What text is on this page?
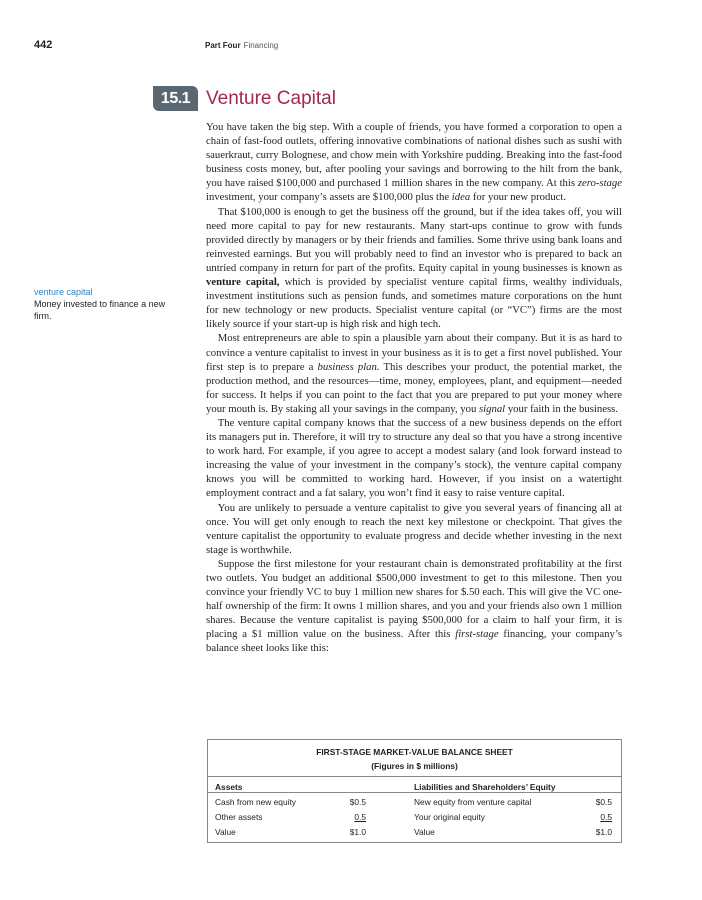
442	Part Four Financing
15.1 Venture Capital
venture capital
Money invested to finance a new firm.

You have taken the big step. With a couple of friends, you have formed a corporation to open a chain of fast-food outlets, offering innovative combinations of national dishes such as sushi with sauerkraut, curry Bolognese, and chow mein with Yorkshire pudding. Breaking into the fast-food business costs money, but, after pooling your savings and borrowing to the hilt from the bank, you have raised $100,000 and purchased 1 million shares in the new company. At this zero-stage investment, your company’s assets are $100,000 plus the idea for your new product.

That $100,000 is enough to get the business off the ground, but if the idea takes off, you will need more capital to pay for new restaurants. Many start-ups continue to grow with funds provided directly by managers or by their friends and families. Some thrive using bank loans and reinvested earnings. But you will probably need to find an investor who is prepared to back an untried company in return for part of the profits. Equity capital in young businesses is known as venture capital, which is provided by specialist venture capital firms, wealthy individuals, investment institutions such as pension funds, and sometimes mature corporations on the hunt for new technology or new products. Specialist venture capital (or “VC”) firms are the most likely source if your start-up is high risk and high tech.

Most entrepreneurs are able to spin a plausible yarn about their company. But it is as hard to convince a venture capitalist to invest in your business as it is to get a first novel published. Your first step is to prepare a business plan. This describes your product, the potential market, the production method, and the resources—time, money, employees, plant, and equipment—needed for success. It helps if you can point to the fact that you are prepared to put your money where your mouth is. By staking all your savings in the company, you signal your faith in the business.

The venture capital company knows that the success of a new business depends on the effort its managers put in. Therefore, it will try to structure any deal so that you have a strong incentive to work hard. For example, if you agree to accept a modest salary (and look forward instead to increasing the value of your investment in the company’s stock), the venture capital company knows you will be committed to working hard. However, if you insist on a watertight employment contract and a fat salary, you won’t find it easy to raise venture capital.

You are unlikely to persuade a venture capitalist to give you several years of financing all at once. You will get only enough to reach the next key milestone or checkpoint. That gives the venture capitalist the opportunity to evaluate progress and decide whether investing in the next stage is worthwhile.

Suppose the first milestone for your restaurant chain is demonstrated profitability at the first two outlets. You budget an additional $500,000 investment to get to this milestone. Then you convince your friendly VC to buy 1 million new shares for $.50 each. This will give the VC one-half ownership of the firm: It owns 1 million shares, and you and your friends also own 1 million shares. Because the venture capitalist is paying $500,000 for a claim to half your firm, it is placing a $1 million value on the business. After this first-stage financing, your company’s balance sheet looks like this:

FIRST-STAGE MARKET-VALUE BALANCE SHEET
(Figures in $ millions)
Assets	Liabilities and Shareholders’ Equity
Cash from new equity	$0.5	New equity from venture capital	$0.5
Other assets	0.5	Your original equity	0.5
Value	$1.0	Value	$1.0
